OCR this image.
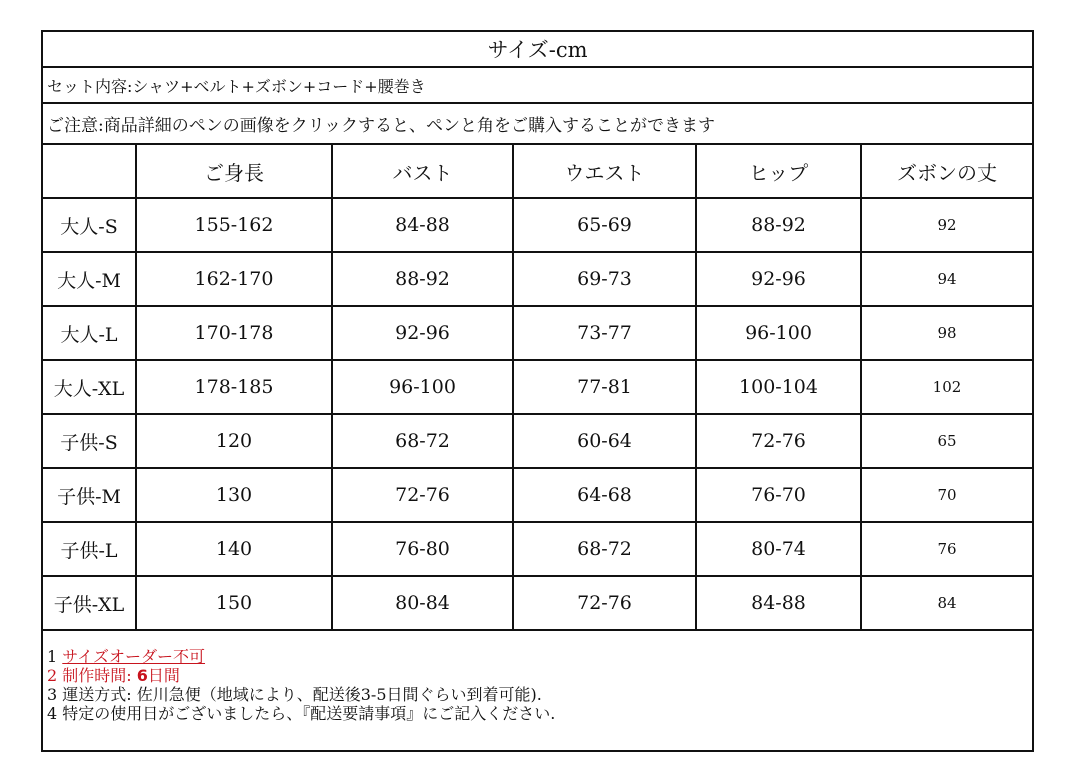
サイズ-cm
セット内容:シャツ+ベルト+ズボン+コード+腰巻き
ご注意:商品詳細のペンの画像をクリックすると、ペンと角をご購入することができます
	ご身長	バスト	ウエスト	ヒップ	ズボンの丈
大人-S	155-162	84-88	65-69	88-92	92
大人-M	162-170	88-92	69-73	92-96	94
大人-L	170-178	92-96	73-77	96-100	98
大人-XL	178-185	96-100	77-81	100-104	102
子供-S	120	68-72	60-64	72-76	65
子供-M	130	72-76	64-68	76-70	70
子供-L	140	76-80	68-72	80-74	76
子供-XL	150	80-84	72-76	84-88	84
1 サイズオーダー不可
2 制作時間: 6日間
3 運送方式: 佐川急便（地域により、配送後3-5日間ぐらい到着可能).
4 特定の使用日がございましたら、『配送要請事項』にご記入ください.
